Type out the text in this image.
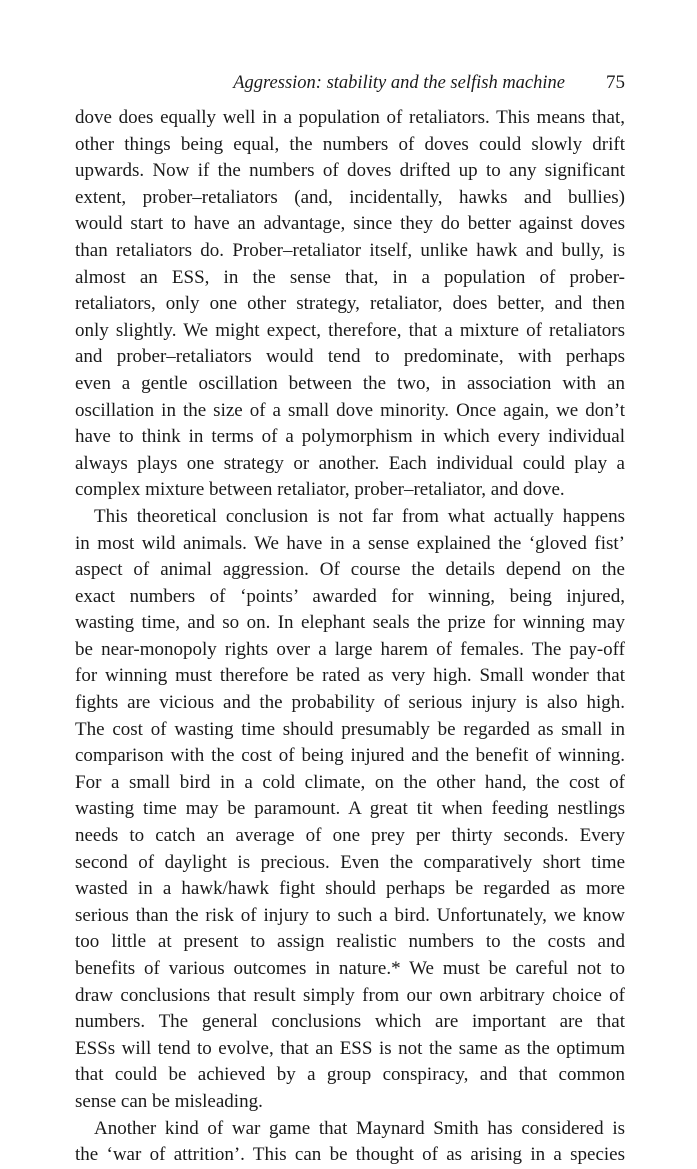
Aggression: stability and the selfish machine 75
dove does equally well in a population of retaliators. This means that,
other things being equal, the numbers of doves could slowly drift
upwards. Now if the numbers of doves drifted up to any significant
extent, prober–retaliators (and, incidentally, hawks and bullies)
would start to have an advantage, since they do better against doves
than retaliators do. Prober–retaliator itself, unlike hawk and bully, is
almost an ESS, in the sense that, in a population of prober-
retaliators, only one other strategy, retaliator, does better, and then
only slightly. We might expect, therefore, that a mixture of retaliators
and prober–retaliators would tend to predominate, with perhaps
even a gentle oscillation between the two, in association with an
oscillation in the size of a small dove minority. Once again, we don’t
have to think in terms of a polymorphism in which every individual
always plays one strategy or another. Each individual could play a
complex mixture between retaliator, prober–retaliator, and dove.
This theoretical conclusion is not far from what actually happens
in most wild animals. We have in a sense explained the ‘gloved fist’
aspect of animal aggression. Of course the details depend on the
exact numbers of ‘points’ awarded for winning, being injured,
wasting time, and so on. In elephant seals the prize for winning may
be near-monopoly rights over a large harem of females. The pay-off
for winning must therefore be rated as very high. Small wonder that
fights are vicious and the probability of serious injury is also high.
The cost of wasting time should presumably be regarded as small in
comparison with the cost of being injured and the benefit of winning.
For a small bird in a cold climate, on the other hand, the cost of
wasting time may be paramount. A great tit when feeding nestlings
needs to catch an average of one prey per thirty seconds. Every
second of daylight is precious. Even the comparatively short time
wasted in a hawk/hawk fight should perhaps be regarded as more
serious than the risk of injury to such a bird. Unfortunately, we know
too little at present to assign realistic numbers to the costs and
benefits of various outcomes in nature.* We must be careful not to
draw conclusions that result simply from our own arbitrary choice of
numbers. The general conclusions which are important are that
ESSs will tend to evolve, that an ESS is not the same as the optimum
that could be achieved by a group conspiracy, and that common
sense can be misleading.
Another kind of war game that Maynard Smith has considered is
the ‘war of attrition’. This can be thought of as arising in a species
